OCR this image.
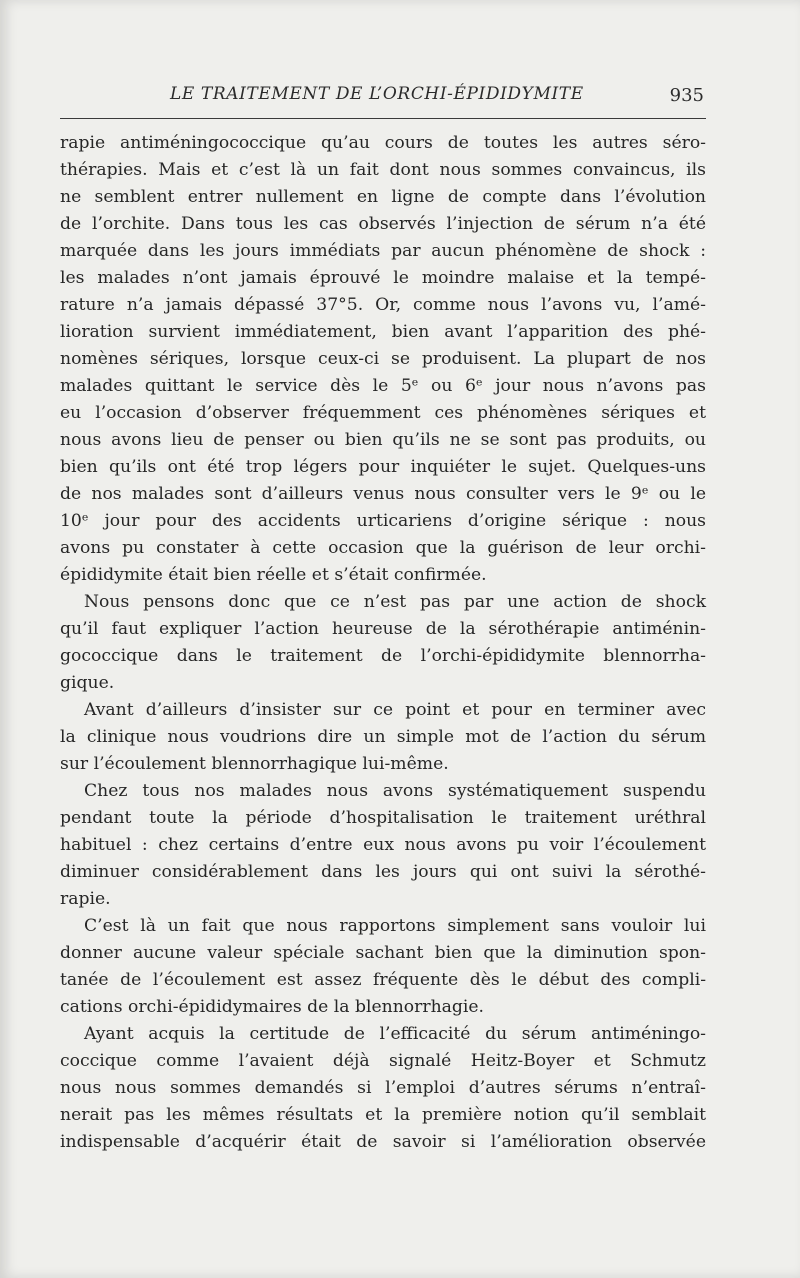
LE TRAITEMENT DE L’ORCHI-ÉPIDIDYMITE	935
rapie antiméningococcique qu’au cours de toutes les autres séro-
thérapies. Mais et c’est là un fait dont nous sommes convaincus, ils
ne semblent entrer nullement en ligne de compte dans l’évolution
de l’orchite. Dans tous les cas observés l’injection de sérum n’a été
marquée dans les jours immédiats par aucun phénomène de shock :
les malades n’ont jamais éprouvé le moindre malaise et la tempé-
rature n’a jamais dépassé 37°5. Or, comme nous l’avons vu, l’amé-
lioration survient immédiatement, bien avant l’apparition des phé-
nomènes sériques, lorsque ceux-ci se produisent. La plupart de nos
malades quittant le service dès le 5ᵉ ou 6ᵉ jour nous n’avons pas
eu l’occasion d’observer fréquemment ces phénomènes sériques et
nous avons lieu de penser ou bien qu’ils ne se sont pas produits, ou
bien qu’ils ont été trop légers pour inquiéter le sujet. Quelques-uns
de nos malades sont d’ailleurs venus nous consulter vers le 9ᵉ ou le
10ᵉ jour pour des accidents urticariens d’origine sérique : nous
avons pu constater à cette occasion que la guérison de leur orchi-
épididymite était bien réelle et s’était confirmée.
Nous pensons donc que ce n’est pas par une action de shock
qu’il faut expliquer l’action heureuse de la sérothérapie antiménin-
gococcique dans le traitement de l’orchi-épididymite blennorrha-
gique.
Avant d’ailleurs d’insister sur ce point et pour en terminer avec
la clinique nous voudrions dire un simple mot de l’action du sérum
sur l’écoulement blennorrhagique lui-même.
Chez tous nos malades nous avons systématiquement suspendu
pendant toute la période d’hospitalisation le traitement uréthral
habituel : chez certains d’entre eux nous avons pu voir l’écoulement
diminuer considérablement dans les jours qui ont suivi la sérothé-
rapie.
C’est là un fait que nous rapportons simplement sans vouloir lui
donner aucune valeur spéciale sachant bien que la diminution spon-
tanée de l’écoulement est assez fréquente dès le début des compli-
cations orchi-épididymaires de la blennorrhagie.
Ayant acquis la certitude de l’efficacité du sérum antiméningo-
coccique comme l’avaient déjà signalé Heitz-Boyer et Schmutz
nous nous sommes demandés si l’emploi d’autres sérums n’entraî-
nerait pas les mêmes résultats et la première notion qu’il semblait
indispensable d’acquérir était de savoir si l’amélioration observée
